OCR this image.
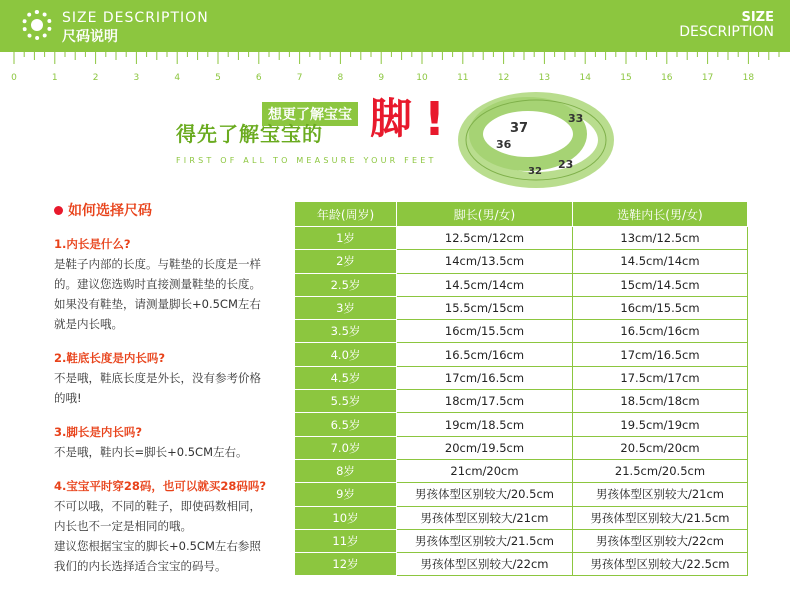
SIZE DESCRIPTION
尺码说明
SIZE
DESCRIPTION
0	1	2	3	4	5	6	7	8	9	10	11	12	13	14	15	16	17	18
想更了解宝宝
得先了解宝宝的 脚 !
FIRST OF ALL TO MEASURE YOUR FEET
37
36
23
33
32
如何选择尺码
1.内长是什么?
是鞋子内部的长度。与鞋垫的长度是一样
的。建议您选购时直接测量鞋垫的长度。
如果没有鞋垫，请测量脚长+0.5CM左右
就是内长哦。
2.鞋底长度是内长吗?
不是哦，鞋底长度是外长，没有参考价格
的哦!
3.脚长是内长吗?
不是哦，鞋内长=脚长+0.5CM左右。
4.宝宝平时穿28码，也可以就买28码吗?
不可以哦，不同的鞋子，即使码数相同，
内长也不一定是相同的哦。
建议您根据宝宝的脚长+0.5CM左右参照
我们的内长选择适合宝宝的码号。
年龄(周岁)	脚长(男/女)	选鞋内长(男/女)
1岁	12.5cm/12cm	13cm/12.5cm
2岁	14cm/13.5cm	14.5cm/14cm
2.5岁	14.5cm/14cm	15cm/14.5cm
3岁	15.5cm/15cm	16cm/15.5cm
3.5岁	16cm/15.5cm	16.5cm/16cm
4.0岁	16.5cm/16cm	17cm/16.5cm
4.5岁	17cm/16.5cm	17.5cm/17cm
5.5岁	18cm/17.5cm	18.5cm/18cm
6.5岁	19cm/18.5cm	19.5cm/19cm
7.0岁	20cm/19.5cm	20.5cm/20cm
8岁	21cm/20cm	21.5cm/20.5cm
9岁	男孩体型区别较大/20.5cm	男孩体型区别较大/21cm
10岁	男孩体型区别较大/21cm	男孩体型区别较大/21.5cm
11岁	男孩体型区别较大/21.5cm	男孩体型区别较大/22cm
12岁	男孩体型区别较大/22cm	男孩体型区别较大/22.5cm
